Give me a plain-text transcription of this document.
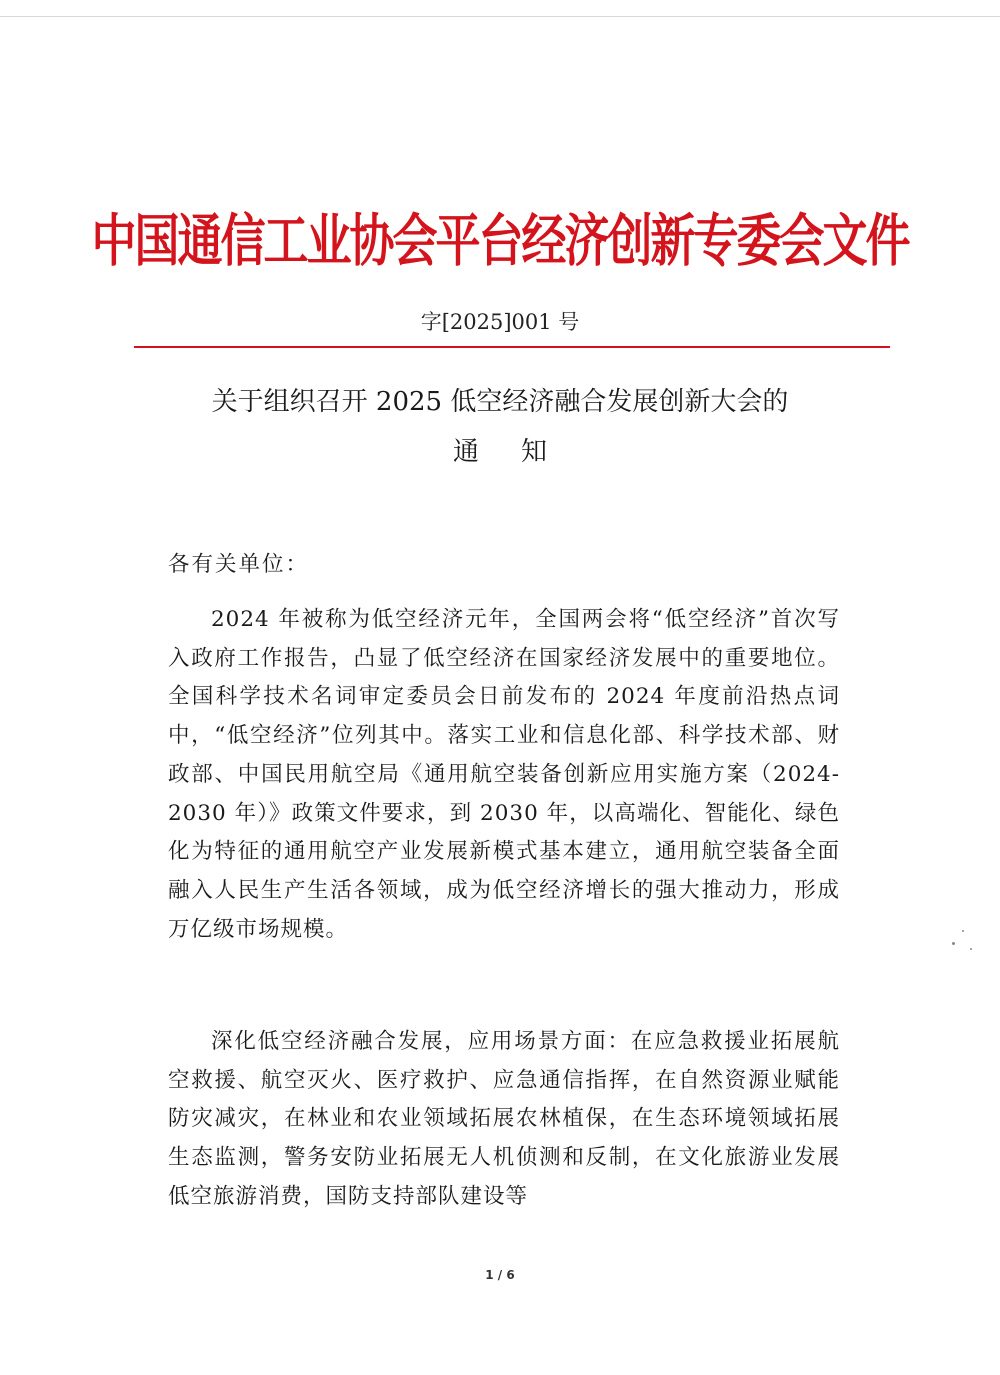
中国通信工业协会平台经济创新专委会文件
字[2025]001 号
关于组织召开 2025 低空经济融合发展创新大会的
通知
各有关单位：

2024 年被称为低空经济元年，全国两会将“低空经济”首次写入政府工作报告，凸显了低空经济在国家经济发展中的重要地位。全国科学技术名词审定委员会日前发布的 2024 年度前沿热点词中，“低空经济”位列其中。落实工业和信息化部、科学技术部、财政部、中国民用航空局《通用航空装备创新应用实施方案（2024-2030 年）》政策文件要求，到 2030 年，以高端化、智能化、绿色化为特征的通用航空产业发展新模式基本建立，通用航空装备全面融入人民生产生活各领域，成为低空经济增长的强大推动力，形成万亿级市场规模。

深化低空经济融合发展，应用场景方面：在应急救援业拓展航空救援、航空灭火、医疗救护、应急通信指挥，在自然资源业赋能防灾减灾，在林业和农业领域拓展农林植保，在生态环境领域拓展生态监测，警务安防业拓展无人机侦测和反制，在文化旅游业发展低空旅游消费，国防支持部队建设等

1 / 6
